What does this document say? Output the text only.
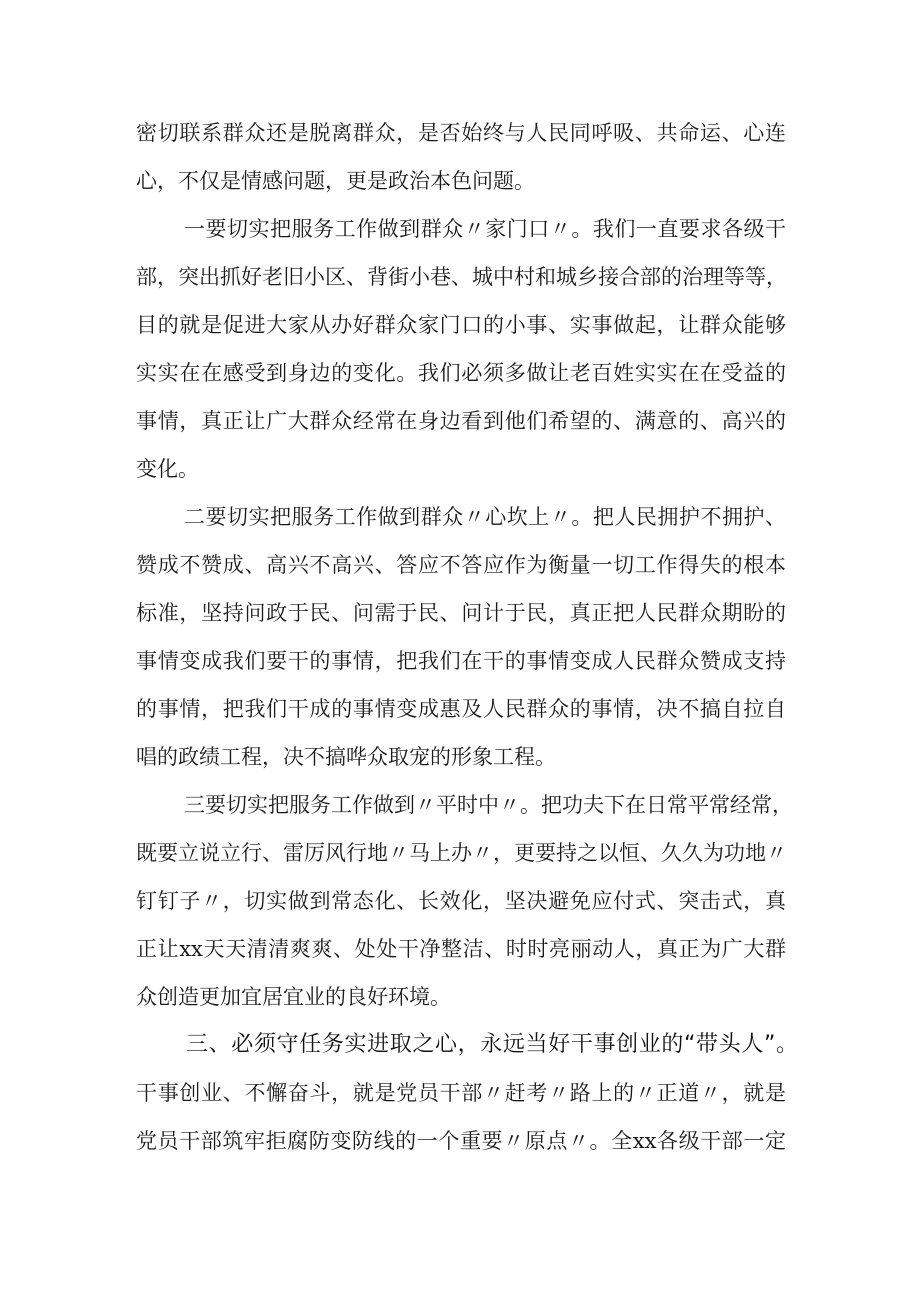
密切联系群众还是脱离群众，是否始终与人民同呼吸、共命运、心连
心，不仅是情感问题，更是政治本色问题。
一要切实把服务工作做到群众〃家门口〃。我们一直要求各级干
部，突出抓好老旧小区、背街小巷、城中村和城乡接合部的治理等等，
目的就是促进大家从办好群众家门口的小事、实事做起，让群众能够
实实在在感受到身边的变化。我们必须多做让老百姓实实在在受益的
事情，真正让广大群众经常在身边看到他们希望的、满意的、高兴的
变化。
二要切实把服务工作做到群众〃心坎上〃。把人民拥护不拥护、
赞成不赞成、高兴不高兴、答应不答应作为衡量一切工作得失的根本
标准，坚持问政于民、问需于民、问计于民，真正把人民群众期盼的
事情变成我们要干的事情，把我们在干的事情变成人民群众赞成支持
的事情，把我们干成的事情变成惠及人民群众的事情，决不搞自拉自
唱的政绩工程，决不搞哗众取宠的形象工程。
三要切实把服务工作做到〃平时中〃。把功夫下在日常平常经常，
既要立说立行、雷厉风行地〃马上办〃，更要持之以恒、久久为功地〃
钉钉子〃，切实做到常态化、长效化，坚决避免应付式、突击式，真
正让xx天天清清爽爽、处处干净整洁、时时亮丽动人，真正为广大群
众创造更加宜居宜业的良好环境。
三、必须守任务实进取之心，永远当好干事创业的“带头人”。
干事创业、不懈奋斗，就是党员干部〃赶考〃路上的〃正道〃，就是
党员干部筑牢拒腐防变防线的一个重要〃原点〃。全xx各级干部一定
